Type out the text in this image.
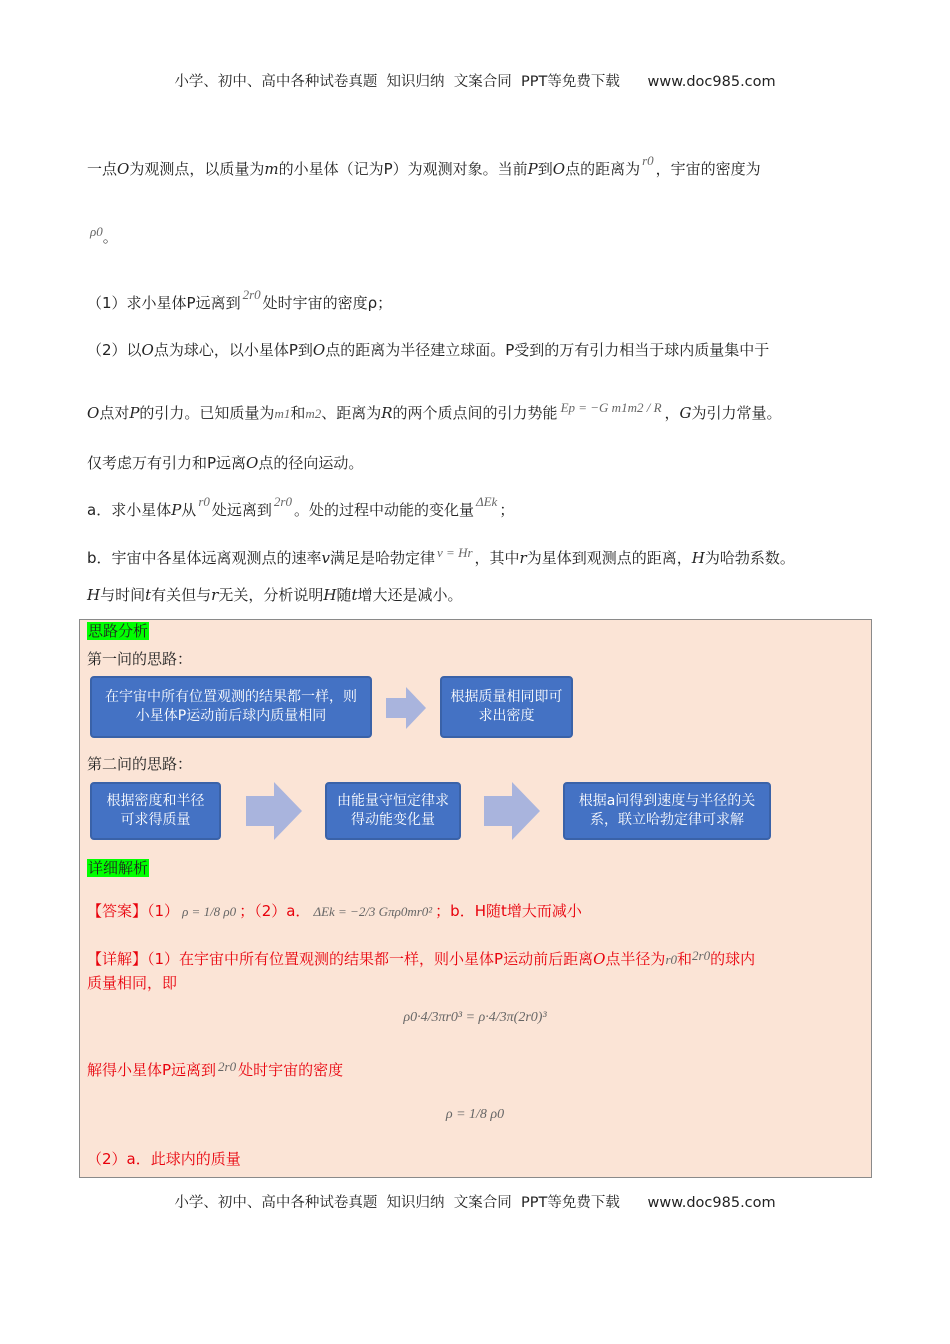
小学、初中、高中各种试卷真题  知识归纳  文案合同  PPT等免费下载      www.doc985.com
一点O为观测点，以质量为m的小星体（记为P）为观测对象。当前P到O点的距离为 r0 ，宇宙的密度为
ρ0。
（1）求小星体P远离到 2r0 处时宇宙的密度ρ；
（2）以O点为球心，以小星体P到O点的距离为半径建立球面。P受到的万有引力相当于球内质量集中于
O点对P的引力。已知质量为m1和m2、距离为R的两个质点间的引力势能 Ep = −G m1m2 / R ，G为引力常量。
仅考虑万有引力和P远离O点的径向运动。
a．求小星体P从 r0 处远离到 2r0 。处的过程中动能的变化量 ΔEk ；
b．宇宙中各星体远离观测点的速率v满足是哈勃定律 v = Hr ，其中r为星体到观测点的距离，H为哈勃系数。
H与时间t有关但与r无关，分析说明H随t增大还是减小。
思路分析
第一问的思路：
在宇宙中所有位置观测的结果都一样，则小星体P运动前后球内质量相同
根据质量相同即可求出密度
第二问的思路：
根据密度和半径可求得质量
由能量守恒定律求得动能变化量
根据a问得到速度与半径的关系，联立哈勃定律可求解
详细解析
【答案】（1） ρ = 1/8 ρ0 ；（2）a． ΔEk = −2/3 Gπρ0mr0² ；b．H随t增大而减小
【详解】（1）在宇宙中所有位置观测的结果都一样，则小星体P运动前后距离O点半径为r0和2r0的球内
质量相同，即
ρ0·4/3πr0³ = ρ·4/3π(2r0)³
解得小星体P远离到 2r0 处时宇宙的密度
ρ = 1/8 ρ0
（2）a．此球内的质量
小学、初中、高中各种试卷真题  知识归纳  文案合同  PPT等免费下载      www.doc985.com
